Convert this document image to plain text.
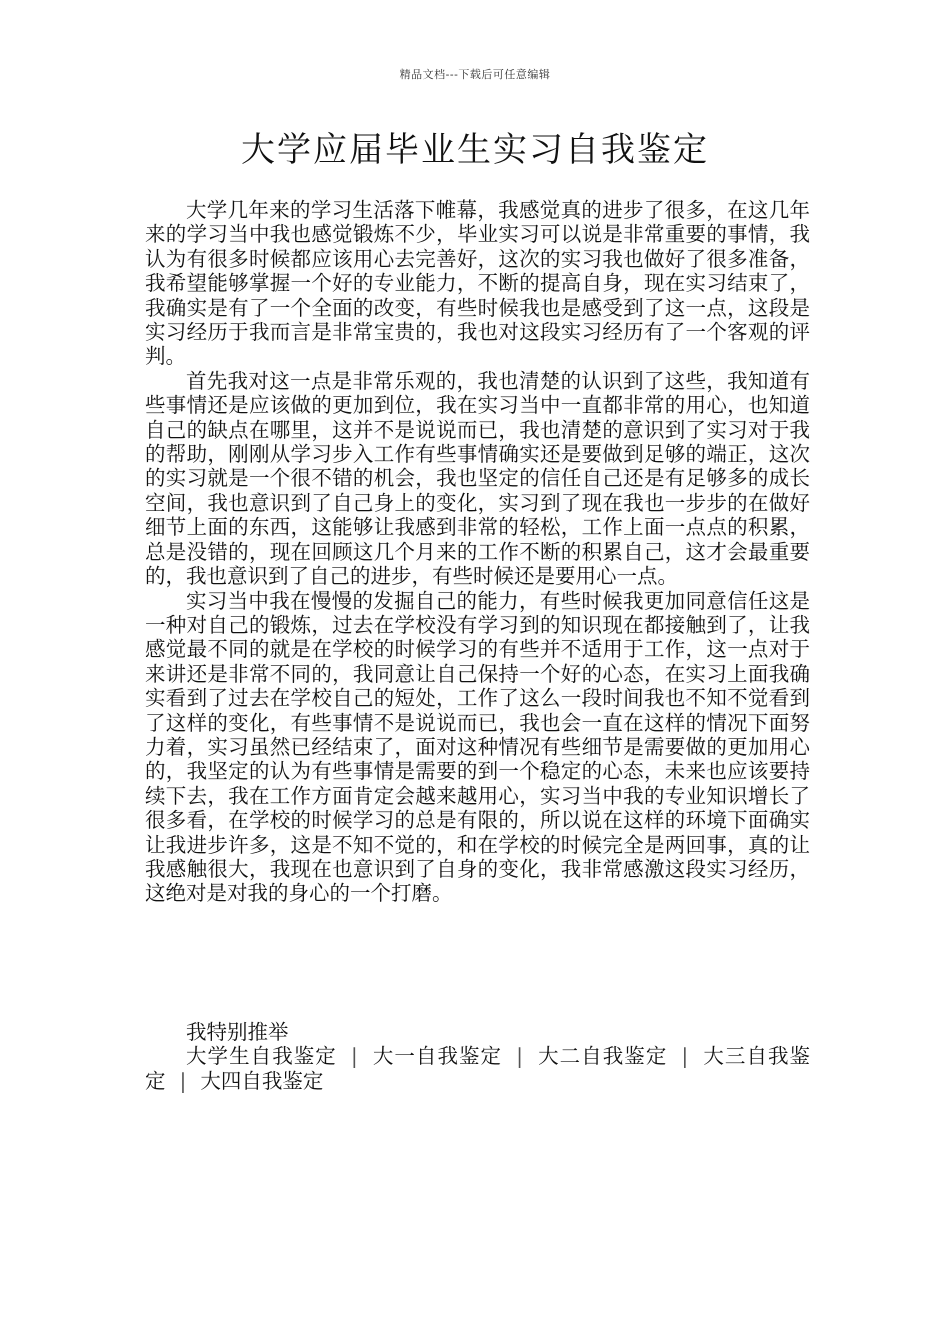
精品文档---下载后可任意编辑
大学应届毕业生实习自我鉴定

大学几年来的学习生活落下帷幕，我感觉真的进步了很多，在这几年来的学习当中我也感觉锻炼不少，毕业实习可以说是非常重要的事情，我认为有很多时候都应该用心去完善好，这次的实习我也做好了很多准备，我希望能够掌握一个好的专业能力，不断的提高自身，现在实习结束了，我确实是有了一个全面的改变，有些时候我也是感受到了这一点，这段是实习经历于我而言是非常宝贵的，我也对这段实习经历有了一个客观的评判。

首先我对这一点是非常乐观的，我也清楚的认识到了这些，我知道有些事情还是应该做的更加到位，我在实习当中一直都非常的用心，也知道自己的缺点在哪里，这并不是说说而已，我也清楚的意识到了实习对于我的帮助，刚刚从学习步入工作有些事情确实还是要做到足够的端正，这次的实习就是一个很不错的机会，我也坚定的信任自己还是有足够多的成长空间，我也意识到了自己身上的变化，实习到了现在我也一步步的在做好细节上面的东西，这能够让我感到非常的轻松，工作上面一点点的积累，总是没错的，现在回顾这几个月来的工作不断的积累自己，这才会最重要的，我也意识到了自己的进步，有些时候还是要用心一点。

实习当中我在慢慢的发掘自己的能力，有些时候我更加同意信任这是一种对自己的锻炼，过去在学校没有学习到的知识现在都接触到了，让我感觉最不同的就是在学校的时候学习的有些并不适用于工作，这一点对于来讲还是非常不同的，我同意让自己保持一个好的心态，在实习上面我确实看到了过去在学校自己的短处，工作了这么一段时间我也不知不觉看到了这样的变化，有些事情不是说说而已，我也会一直在这样的情况下面努力着，实习虽然已经结束了，面对这种情况有些细节是需要做的更加用心的，我坚定的认为有些事情是需要的到一个稳定的心态，未来也应该要持续下去，我在工作方面肯定会越来越用心，实习当中我的专业知识增长了很多看，在学校的时候学习的总是有限的，所以说在这样的环境下面确实让我进步许多，这是不知不觉的，和在学校的时候完全是两回事，真的让我感触很大，我现在也意识到了自身的变化，我非常感激这段实习经历，这绝对是对我的身心的一个打磨。

我特别推举

大学生自我鉴定 | 大一自我鉴定 | 大二自我鉴定 | 大三自我鉴定 | 大四自我鉴定
